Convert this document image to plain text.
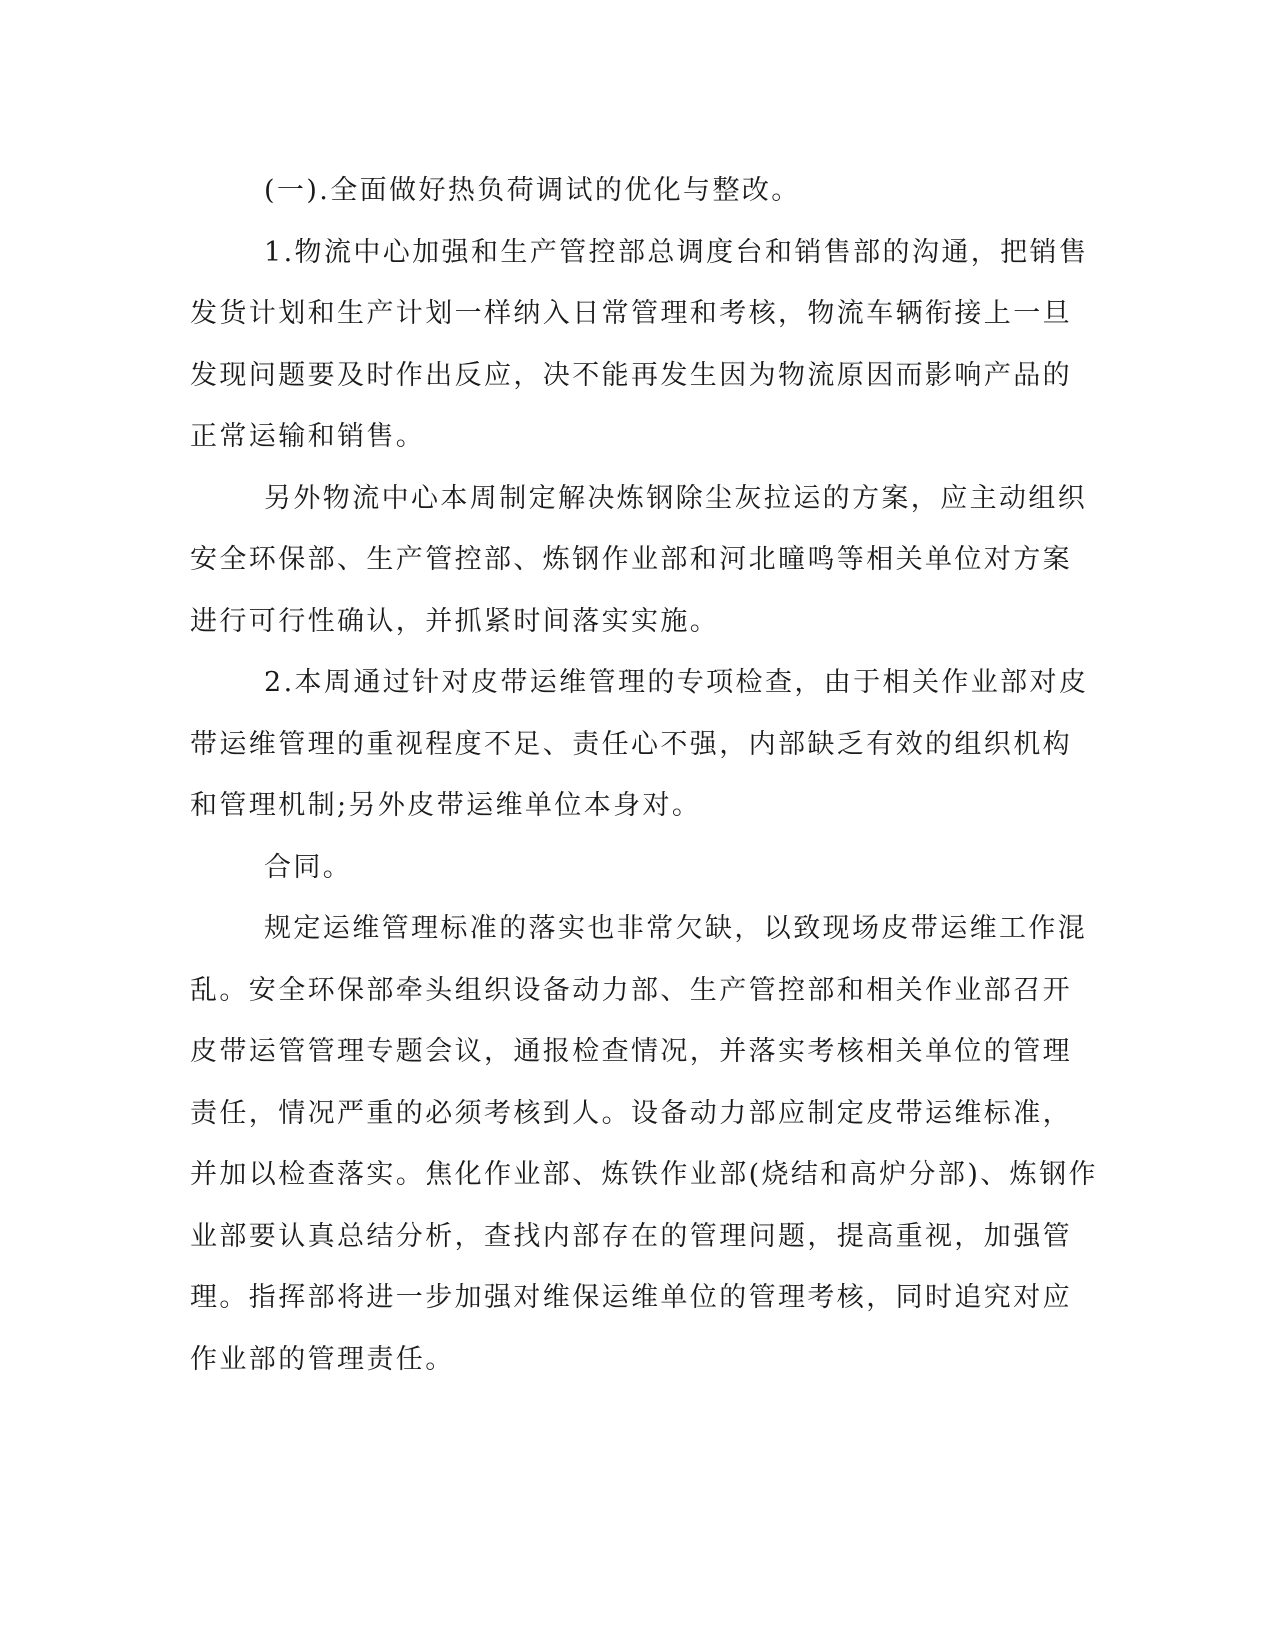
(一).全面做好热负荷调试的优化与整改。

1.物流中心加强和生产管控部总调度台和销售部的沟通，把销售
发货计划和生产计划一样纳入日常管理和考核，物流车辆衔接上一旦
发现问题要及时作出反应，决不能再发生因为物流原因而影响产品的
正常运输和销售。

另外物流中心本周制定解决炼钢除尘灰拉运的方案，应主动组织
安全环保部、生产管控部、炼钢作业部和河北曈鸣等相关单位对方案
进行可行性确认，并抓紧时间落实实施。

2.本周通过针对皮带运维管理的专项检查，由于相关作业部对皮
带运维管理的重视程度不足、责任心不强，内部缺乏有效的组织机构
和管理机制;另外皮带运维单位本身对。

合同。

规定运维管理标准的落实也非常欠缺，以致现场皮带运维工作混
乱。安全环保部牵头组织设备动力部、生产管控部和相关作业部召开
皮带运管管理专题会议，通报检查情况，并落实考核相关单位的管理
责任，情况严重的必须考核到人。设备动力部应制定皮带运维标准，
并加以检查落实。焦化作业部、炼铁作业部(烧结和高炉分部)、炼钢作
业部要认真总结分析，查找内部存在的管理问题，提高重视，加强管
理。指挥部将进一步加强对维保运维单位的管理考核，同时追究对应
作业部的管理责任。
